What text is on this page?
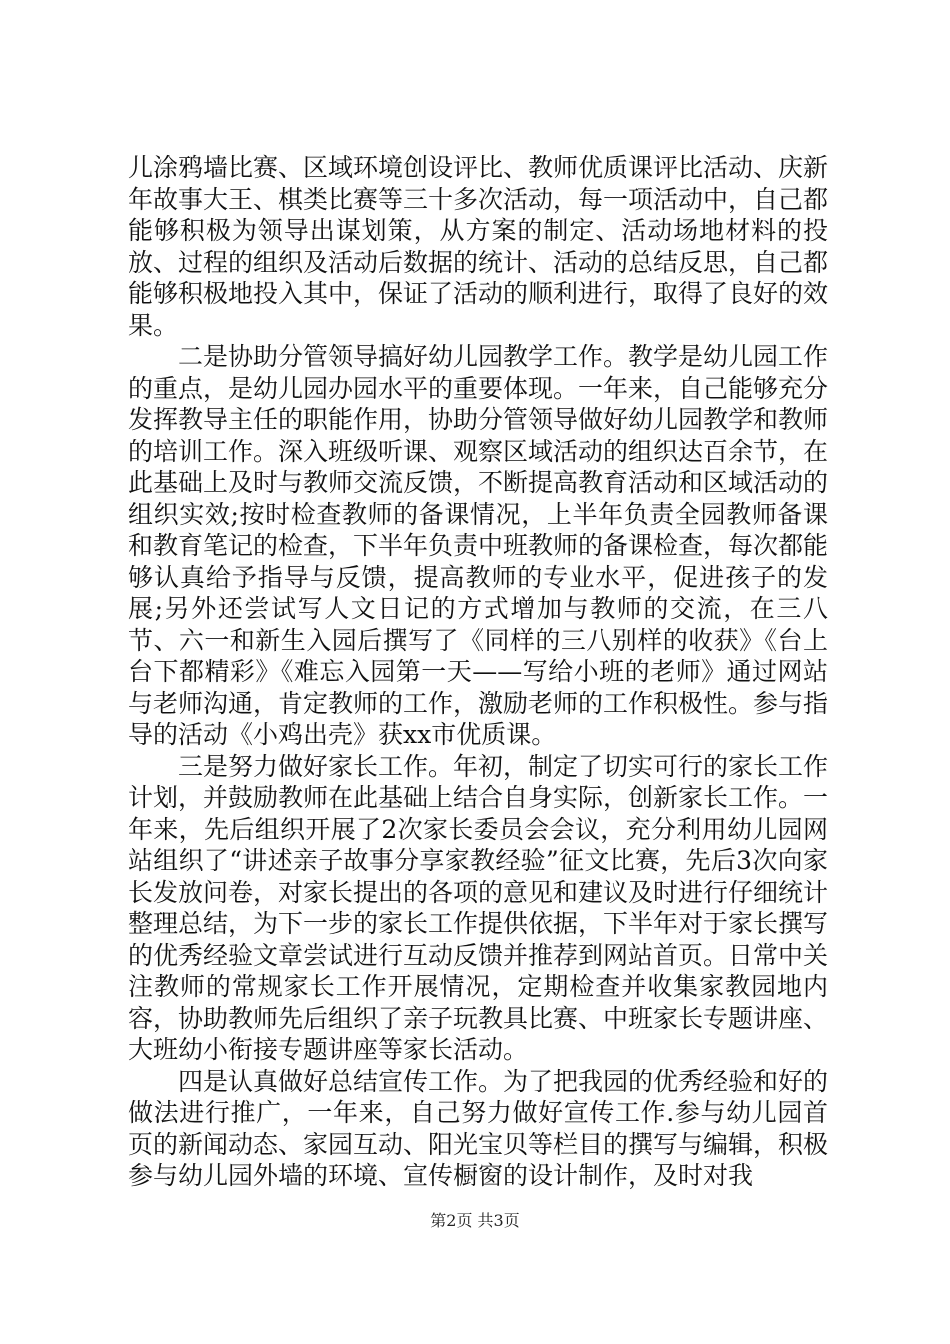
儿涂鸦墙比赛、区域环境创设评比、教师优质课评比活动、庆新年故事大王、棋类比赛等三十多次活动，每一项活动中，自己都能够积极为领导出谋划策，从方案的制定、活动场地材料的投放、过程的组织及活动后数据的统计、活动的总结反思，自己都能够积极地投入其中，保证了活动的顺利进行，取得了良好的效果。

二是协助分管领导搞好幼儿园教学工作。教学是幼儿园工作的重点，是幼儿园办园水平的重要体现。一年来，自己能够充分发挥教导主任的职能作用，协助分管领导做好幼儿园教学和教师的培训工作。深入班级听课、观察区域活动的组织达百余节，在此基础上及时与教师交流反馈，不断提高教育活动和区域活动的组织实效;按时检查教师的备课情况，上半年负责全园教师备课和教育笔记的检查，下半年负责中班教师的备课检查，每次都能够认真给予指导与反馈，提高教师的专业水平，促进孩子的发展;另外还尝试写人文日记的方式增加与教师的交流，在三八节、六一和新生入园后撰写了《同样的三八别样的收获》《台上台下都精彩》《难忘入园第一天——写给小班的老师》通过网站与老师沟通，肯定教师的工作，激励老师的工作积极性。参与指导的活动《小鸡出壳》获xx市优质课。

三是努力做好家长工作。年初，制定了切实可行的家长工作计划，并鼓励教师在此基础上结合自身实际，创新家长工作。一年来，先后组织开展了2次家长委员会会议，充分利用幼儿园网站组织了“讲述亲子故事分享家教经验”征文比赛，先后3次向家长发放问卷，对家长提出的各项的意见和建议及时进行仔细统计整理总结，为下一步的家长工作提供依据，下半年对于家长撰写的优秀经验文章尝试进行互动反馈并推荐到网站首页。日常中关注教师的常规家长工作开展情况，定期检查并收集家教园地内容，协助教师先后组织了亲子玩教具比赛、中班家长专题讲座、大班幼小衔接专题讲座等家长活动。

四是认真做好总结宣传工作。为了把我园的优秀经验和好的做法进行推广，一年来，自己努力做好宣传工作.参与幼儿园首页的新闻动态、家园互动、阳光宝贝等栏目的撰写与编辑，积极参与幼儿园外墙的环境、宣传橱窗的设计制作，及时对我

第2页 共3页
